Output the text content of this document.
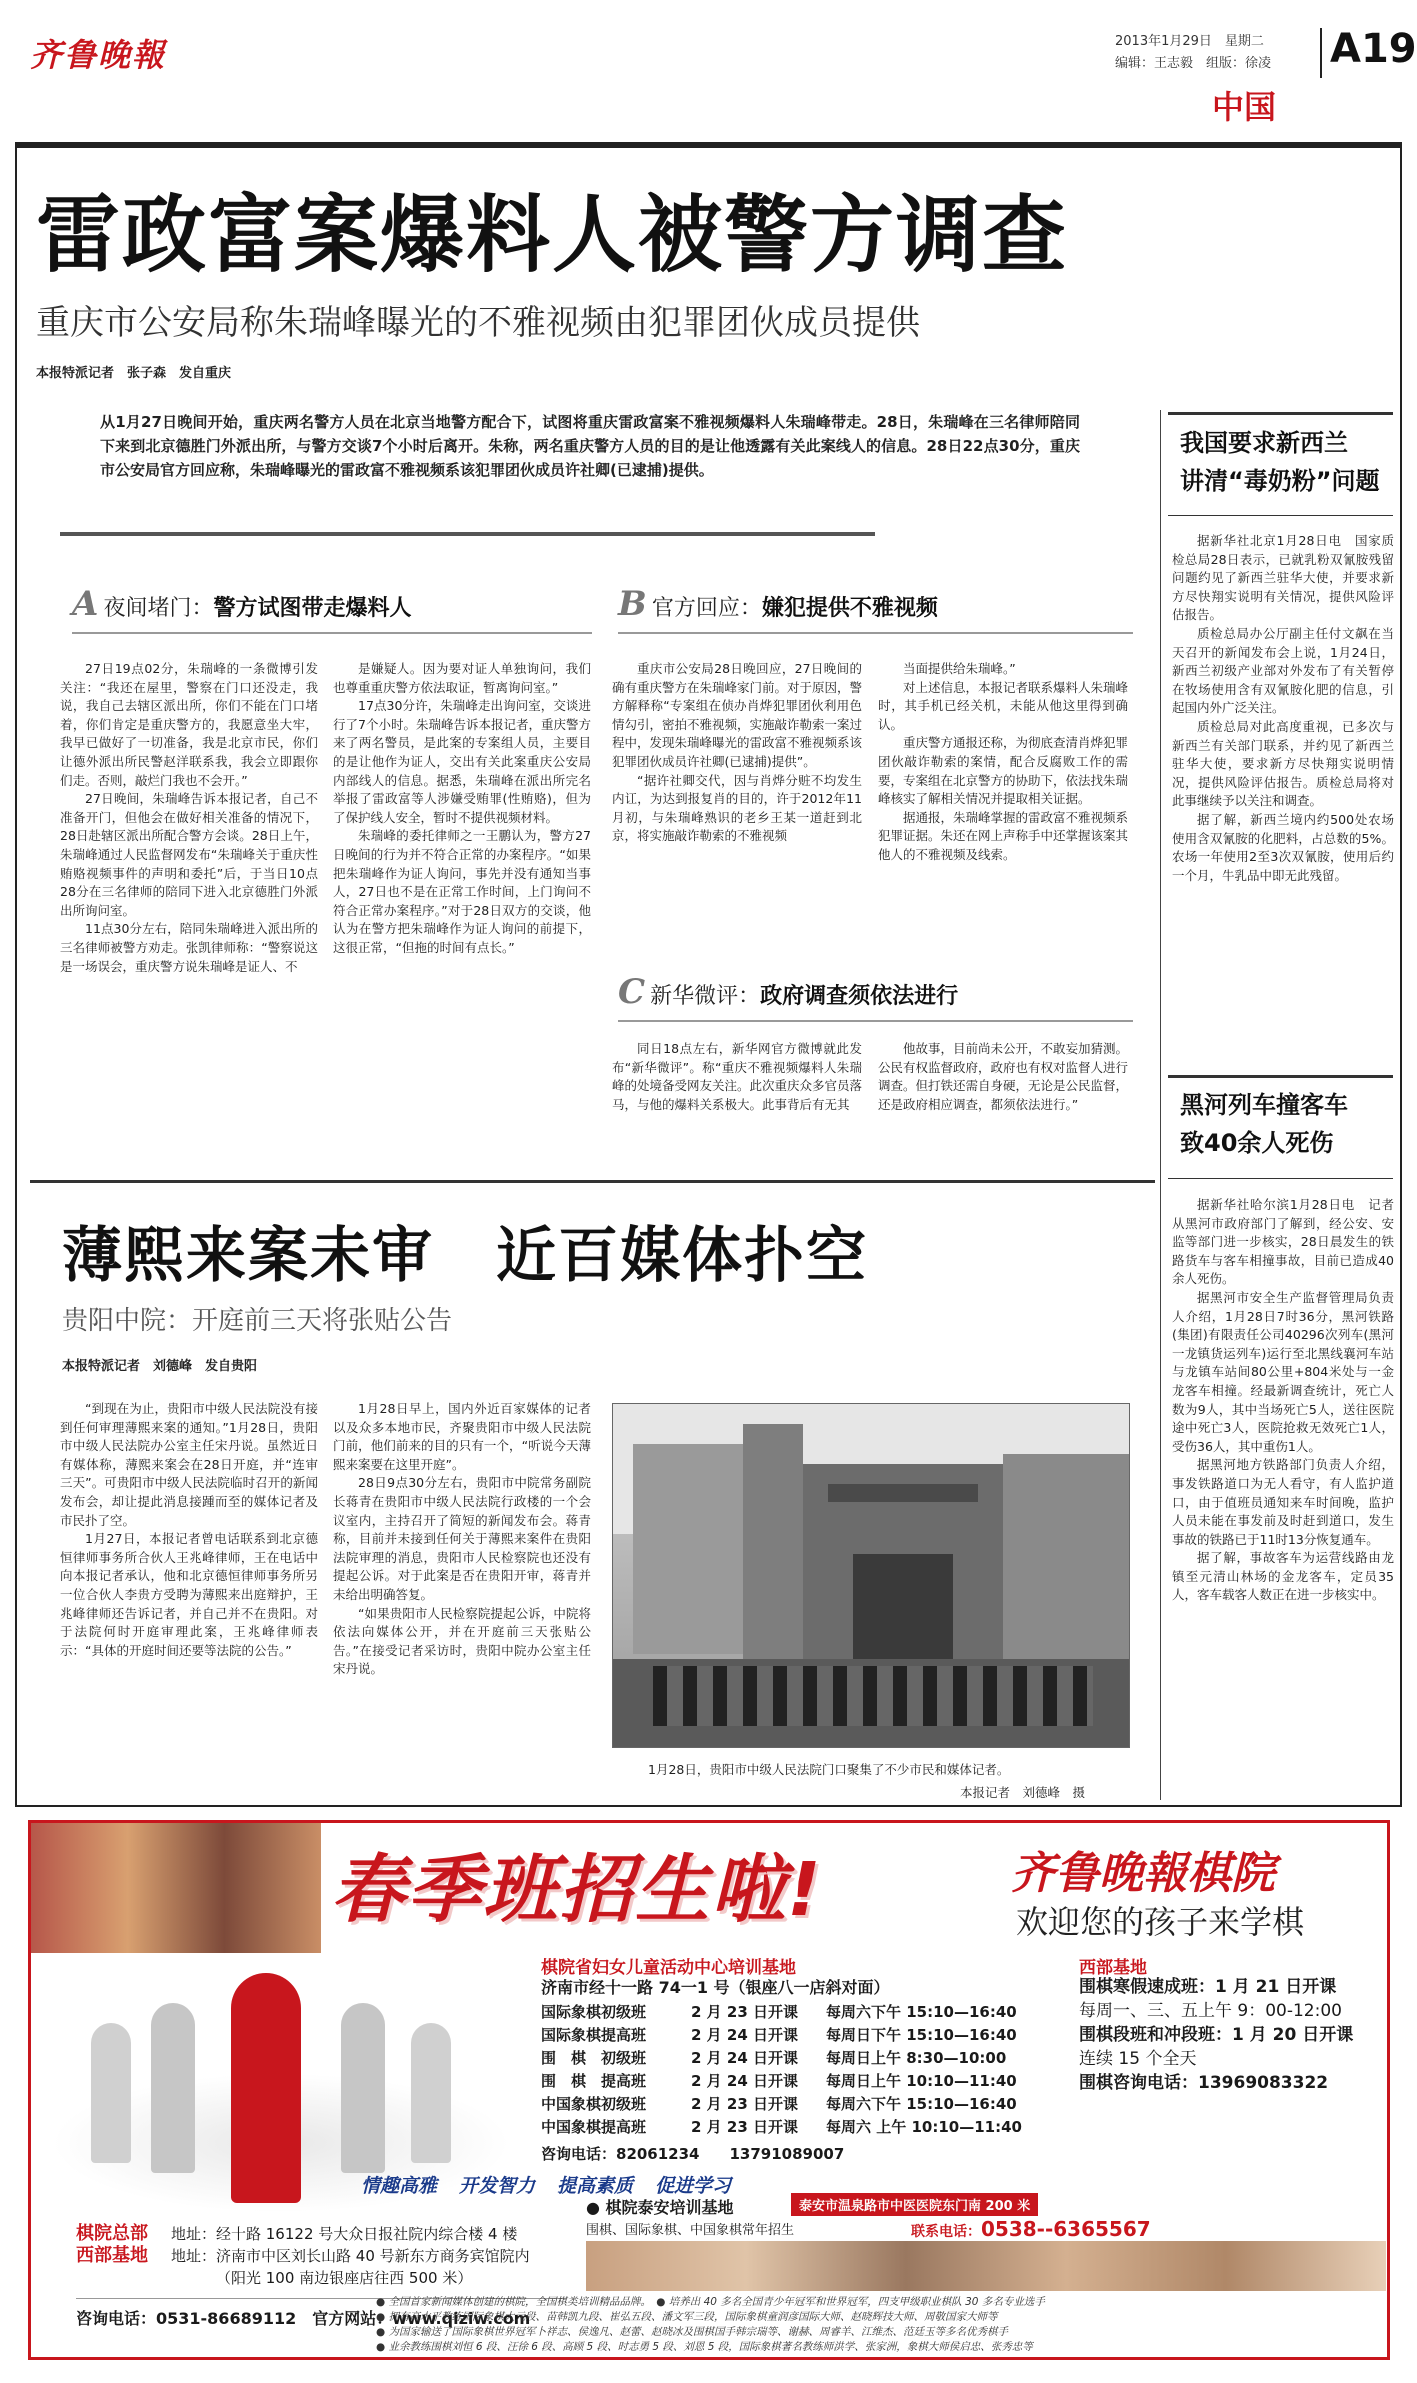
齐鲁晚報	2013年1月29日　星期二
编辑：王志毅　组版：徐凌 A19
中国
雷政富案爆料人被警方调查
重庆市公安局称朱瑞峰曝光的不雅视频由犯罪团伙成员提供
本报特派记者　张子森　发自重庆

从1月27日晚间开始，重庆两名警方人员在北京当地警方配合下，试图将重庆雷政富案不雅视频爆料人朱瑞峰带走。28日，朱瑞峰在三名律师陪同下来到北京德胜门外派出所，与警方交谈7个小时后离开。朱称，两名重庆警方人员的目的是让他透露有关此案线人的信息。28日22点30分，重庆市公安局官方回应称，朱瑞峰曝光的雷政富不雅视频系该犯罪团伙成员许社卿(已逮捕)提供。

A 夜间堵门：警方试图带走爆料人

27日19点02分，朱瑞峰的一条微博引发关注：“我还在屋里，警察在门口还没走，我说，我自己去辖区派出所，你们不能在门口堵着，你们肯定是重庆警方的，我愿意坐大牢，我早已做好了一切准备，我是北京市民，你们让德外派出所民警赵洋联系我，我会立即跟你们走。否则，敲烂门我也不会开。”

27日晚间，朱瑞峰告诉本报记者，自己不准备开门，但他会在做好相关准备的情况下，28日赴辖区派出所配合警方会谈。28日上午，朱瑞峰通过人民监督网发布“朱瑞峰关于重庆性贿赂视频事件的声明和委托”后，于当日10点28分在三名律师的陪同下进入北京德胜门外派出所询问室。

11点30分左右，陪同朱瑞峰进入派出所的三名律师被警方劝走。张凯律师称：“警察说这是一场误会，重庆警方说朱瑞峰是证人、不

是嫌疑人。因为要对证人单独询问，我们也尊重重庆警方依法取证，暂离询问室。”

17点30分许，朱瑞峰走出询问室，交谈进行了7个小时。朱瑞峰告诉本报记者，重庆警方来了两名警员，是此案的专案组人员，主要目的是让他作为证人，交出有关此案重庆公安局内部线人的信息。据悉，朱瑞峰在派出所完名举报了雷政富等人涉嫌受贿罪(性贿赂)，但为了保护线人安全，暂时不提供视频材料。

朱瑞峰的委托律师之一王鹏认为，警方27日晚间的行为并不符合正常的办案程序。“如果把朱瑞峰作为证人询问，事先并没有通知当事人，27日也不是在正常工作时间，上门询问不符合正常办案程序。”对于28日双方的交谈，他认为在警方把朱瑞峰作为证人询问的前提下，这很正常，“但拖的时间有点长。”

B 官方回应：嫌犯提供不雅视频

重庆市公安局28日晚回应，27日晚间的确有重庆警方在朱瑞峰家门前。对于原因，警方解释称“专案组在侦办肖烨犯罪团伙利用色情勾引，密拍不雅视频，实施敲诈勒索一案过程中，发现朱瑞峰曝光的雷政富不雅视频系该犯罪团伙成员许社卿(已逮捕)提供”。

“据许社卿交代，因与肖烨分赃不均发生内讧，为达到报复肖的目的，许于2012年11月初，与朱瑞峰熟识的老乡王某一道赶到北京，将实施敲诈勒索的不雅视频

当面提供给朱瑞峰。”

对上述信息，本报记者联系爆料人朱瑞峰时，其手机已经关机，未能从他这里得到确认。

重庆警方通报还称，为彻底查清肖烨犯罪团伙敲诈勒索的案情，配合反腐败工作的需要，专案组在北京警方的协助下，依法找朱瑞峰核实了解相关情况并提取相关证据。

据通报，朱瑞峰掌握的雷政富不雅视频系犯罪证据。朱还在网上声称手中还掌握该案其他人的不雅视频及线索。

C 新华微评：政府调查须依法进行

同日18点左右，新华网官方微博就此发布“新华微评”。称“重庆不雅视频爆料人朱瑞峰的处境备受网友关注。此次重庆众多官员落马，与他的爆料关系极大。此事背后有无其

他故事，目前尚未公开，不敢妄加猜测。公民有权监督政府，政府也有权对监督人进行调查。但打铁还需自身硬，无论是公民监督，还是政府相应调查，都须依法进行。”

我国要求新西兰
讲清“毒奶粉”问题

据新华社北京1月28日电　国家质检总局28日表示，已就乳粉双氰胺残留问题约见了新西兰驻华大使，并要求新方尽快翔实说明有关情况，提供风险评估报告。

质检总局办公厅副主任付文飙在当天召开的新闻发布会上说，1月24日，新西兰初级产业部对外发布了有关暂停在牧场使用含有双氰胺化肥的信息，引起国内外广泛关注。

质检总局对此高度重视，已多次与新西兰有关部门联系，并约见了新西兰驻华大使，要求新方尽快翔实说明情况，提供风险评估报告。质检总局将对此事继续予以关注和调查。

据了解，新西兰境内约500处农场使用含双氰胺的化肥料，占总数的5%。农场一年使用2至3次双氰胺，使用后约一个月，牛乳品中即无此残留。

黑河列车撞客车
致40余人死伤

据新华社哈尔滨1月28日电　记者从黑河市政府部门了解到，经公安、安监等部门进一步核实，28日晨发生的铁路货车与客车相撞事故，目前已造成40余人死伤。

据黑河市安全生产监督管理局负责人介绍，1月28日7时36分，黑河铁路(集团)有限责任公司40296次列车(黑河一龙镇货运列车)运行至北黑线襄河车站与龙镇车站间80公里+804米处与一金龙客车相撞。经最新调查统计，死亡人数为9人，其中当场死亡5人，送往医院途中死亡3人，医院抢救无效死亡1人，受伤36人，其中重伤1人。

据黑河地方铁路部门负责人介绍，事发铁路道口为无人看守，有人监护道口，由于值班员通知来车时间晚，监护人员未能在事发前及时赶到道口，发生事故的铁路已于11时13分恢复通车。

据了解，事故客车为运营线路由龙镇至元清山林场的金龙客车，定员35人，客车载客人数正在进一步核实中。

薄熙来案未审　近百媒体扑空
贵阳中院：开庭前三天将张贴公告
本报特派记者　刘德峰　发自贵阳

“到现在为止，贵阳市中级人民法院没有接到任何审理薄熙来案的通知。”1月28日，贵阳市中级人民法院办公室主任宋丹说。虽然近日有媒体称，薄熙来案会在28日开庭，并“连审三天”。可贵阳市中级人民法院临时召开的新闻发布会，却让提此消息接踵而至的媒体记者及市民扑了空。

1月27日，本报记者曾电话联系到北京德恒律师事务所合伙人王兆峰律师，王在电话中向本报记者承认，他和北京德恒律师事务所另一位合伙人李贵方受聘为薄熙来出庭辩护，王兆峰律师还告诉记者，并自己并不在贵阳。对于法院何时开庭审理此案，王兆峰律师表示：“具体的开庭时间还要等法院的公告。”

1月28日早上，国内外近百家媒体的记者以及众多本地市民，齐聚贵阳市中级人民法院门前，他们前来的目的只有一个，“听说今天薄熙来案要在这里开庭”。

28日9点30分左右，贵阳市中院常务副院长蒋青在贵阳市中级人民法院行政楼的一个会议室内，主持召开了简短的新闻发布会。蒋青称，目前并未接到任何关于薄熙来案件在贵阳法院审理的消息，贵阳市人民检察院也还没有提起公诉。对于此案是否在贵阳开审，蒋青并未给出明确答复。

“如果贵阳市人民检察院提起公诉，中院将依法向媒体公开，并在开庭前三天张贴公告。”在接受记者采访时，贵阳中院办公室主任宋丹说。

1月28日，贵阳市中级人民法院门口聚集了不少市民和媒体记者。
本报记者　刘德峰　摄
春季班招生啦!	齐鲁晚報棋院
欢迎您的孩子来学棋
棋院省妇女儿童活动中心培训基地
济南市经十一路 74一1 号（银座八一店斜对面）
国际象棋初级班	2 月 23 日开课	每周六下午 15:10—16:40
国际象棋提高班	2 月 24 日开课	每周日下午 15:10—16:40
围　棋　初级班	2 月 24 日开课	每周日上午 8:30—10:00
围　棋　提高班	2 月 24 日开课	每周日上午 10:10—11:40
中国象棋初级班	2 月 23 日开课	每周六下午 15:10—16:40
中国象棋提高班	2 月 23 日开课	每周六 上午 10:10—11:40
咨询电话：82061234　　13791089007
西部基地
围棋寒假速成班：1 月 21 日开课
每周一、三、五上午 9：00-12:00
围棋段班和冲段班：1 月 20 日开课
连续 15 个全天
围棋咨询电话：13969083322
情趣高雅 开发智力 提高素质 促进学习
棋院总部
西部基地
地址：经十路 16122 号大众日报社院内综合楼 4 楼
地址：济南市中区刘长山路 40 号新东方商务宾馆院内
（阳光 100 南边银座店往西 500 米）
咨询电话：0531-86689112　官方网站：www.qiziw.com
● 棋院泰安培训基地	泰安市温泉路市中医医院东门南 200 米
围棋、国际象棋、中国象棋常年招生	联系电话：0538--6365567
● 全国首家新闻媒体创建的棋院，全国棋类培训精品品牌。　● 培养出 40 多名全国青少年冠军和世界冠军，四支甲级职业棋队 30 多名专业选手
● 拥有高水平教练国际象棋大元段、苗韩凯九段、崔弘五段、潘文军三段，国际象棋童润彦国际大师、赵晓辉技大师、周敬国家大师等
● 为国家输送了国际象棋世界冠军卜祥志、侯逸凡、赵蕾、赵晓冰及围棋国手韩宗瑞等、谢赫、周睿羊、江维杰、范廷玉等多名优秀棋手
● 业余教练围棋刘恒 6 段、汪徐 6 段、高顾 5 段、时志勇 5 段、刘恩 5 段，国际象棋著名教练师洪学、张家洲，象棋大师侯启忠、张秀忠等
